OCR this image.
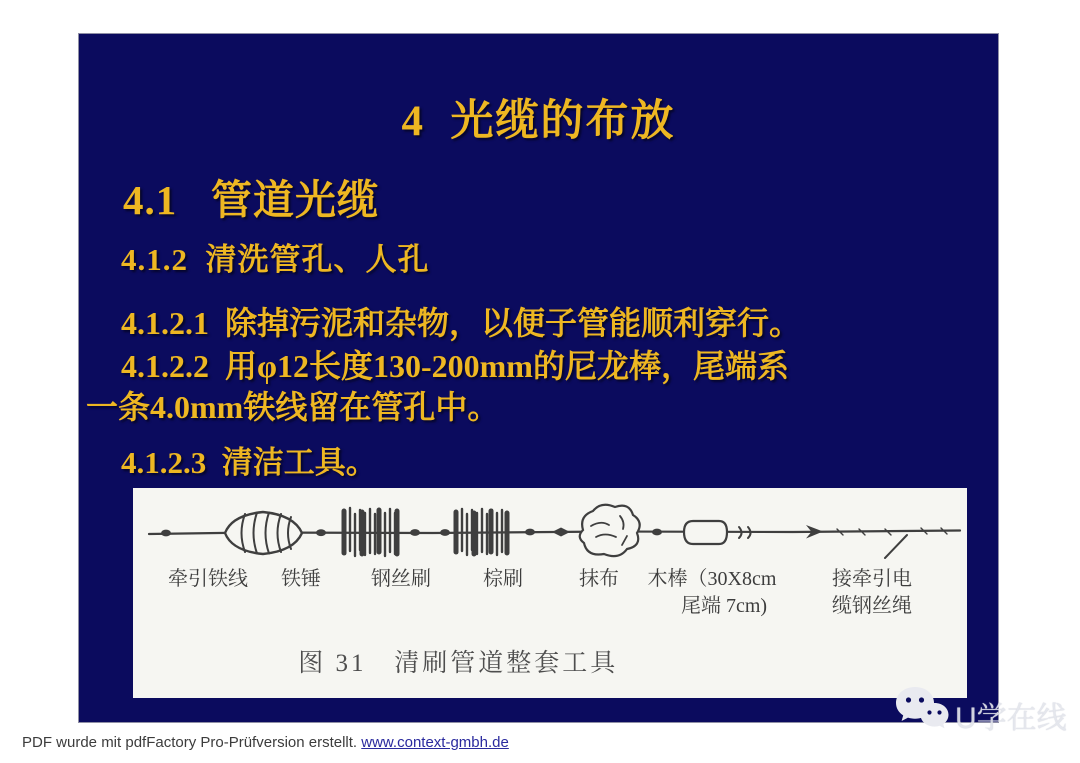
4  光缆的布放
4.1   管道光缆
4.1.2  清洗管孔、人孔
4.1.2.1  除掉污泥和杂物，以便子管能顺利穿行。
4.1.2.2  用φ12长度130-200mm的尼龙棒，尾端系
一条4.0mm铁线留在管孔中。
4.1.2.3  清洁工具。
牵引铁线 铁锤	钢丝刷	棕刷	抹布 木棒（30X8cm
尾端 7cm)
接牵引电
缆钢丝绳
图 31   清刷管道整套工具
U学在线
PDF wurde mit pdfFactory Pro-Prüfversion erstellt. www.context-gmbh.de
